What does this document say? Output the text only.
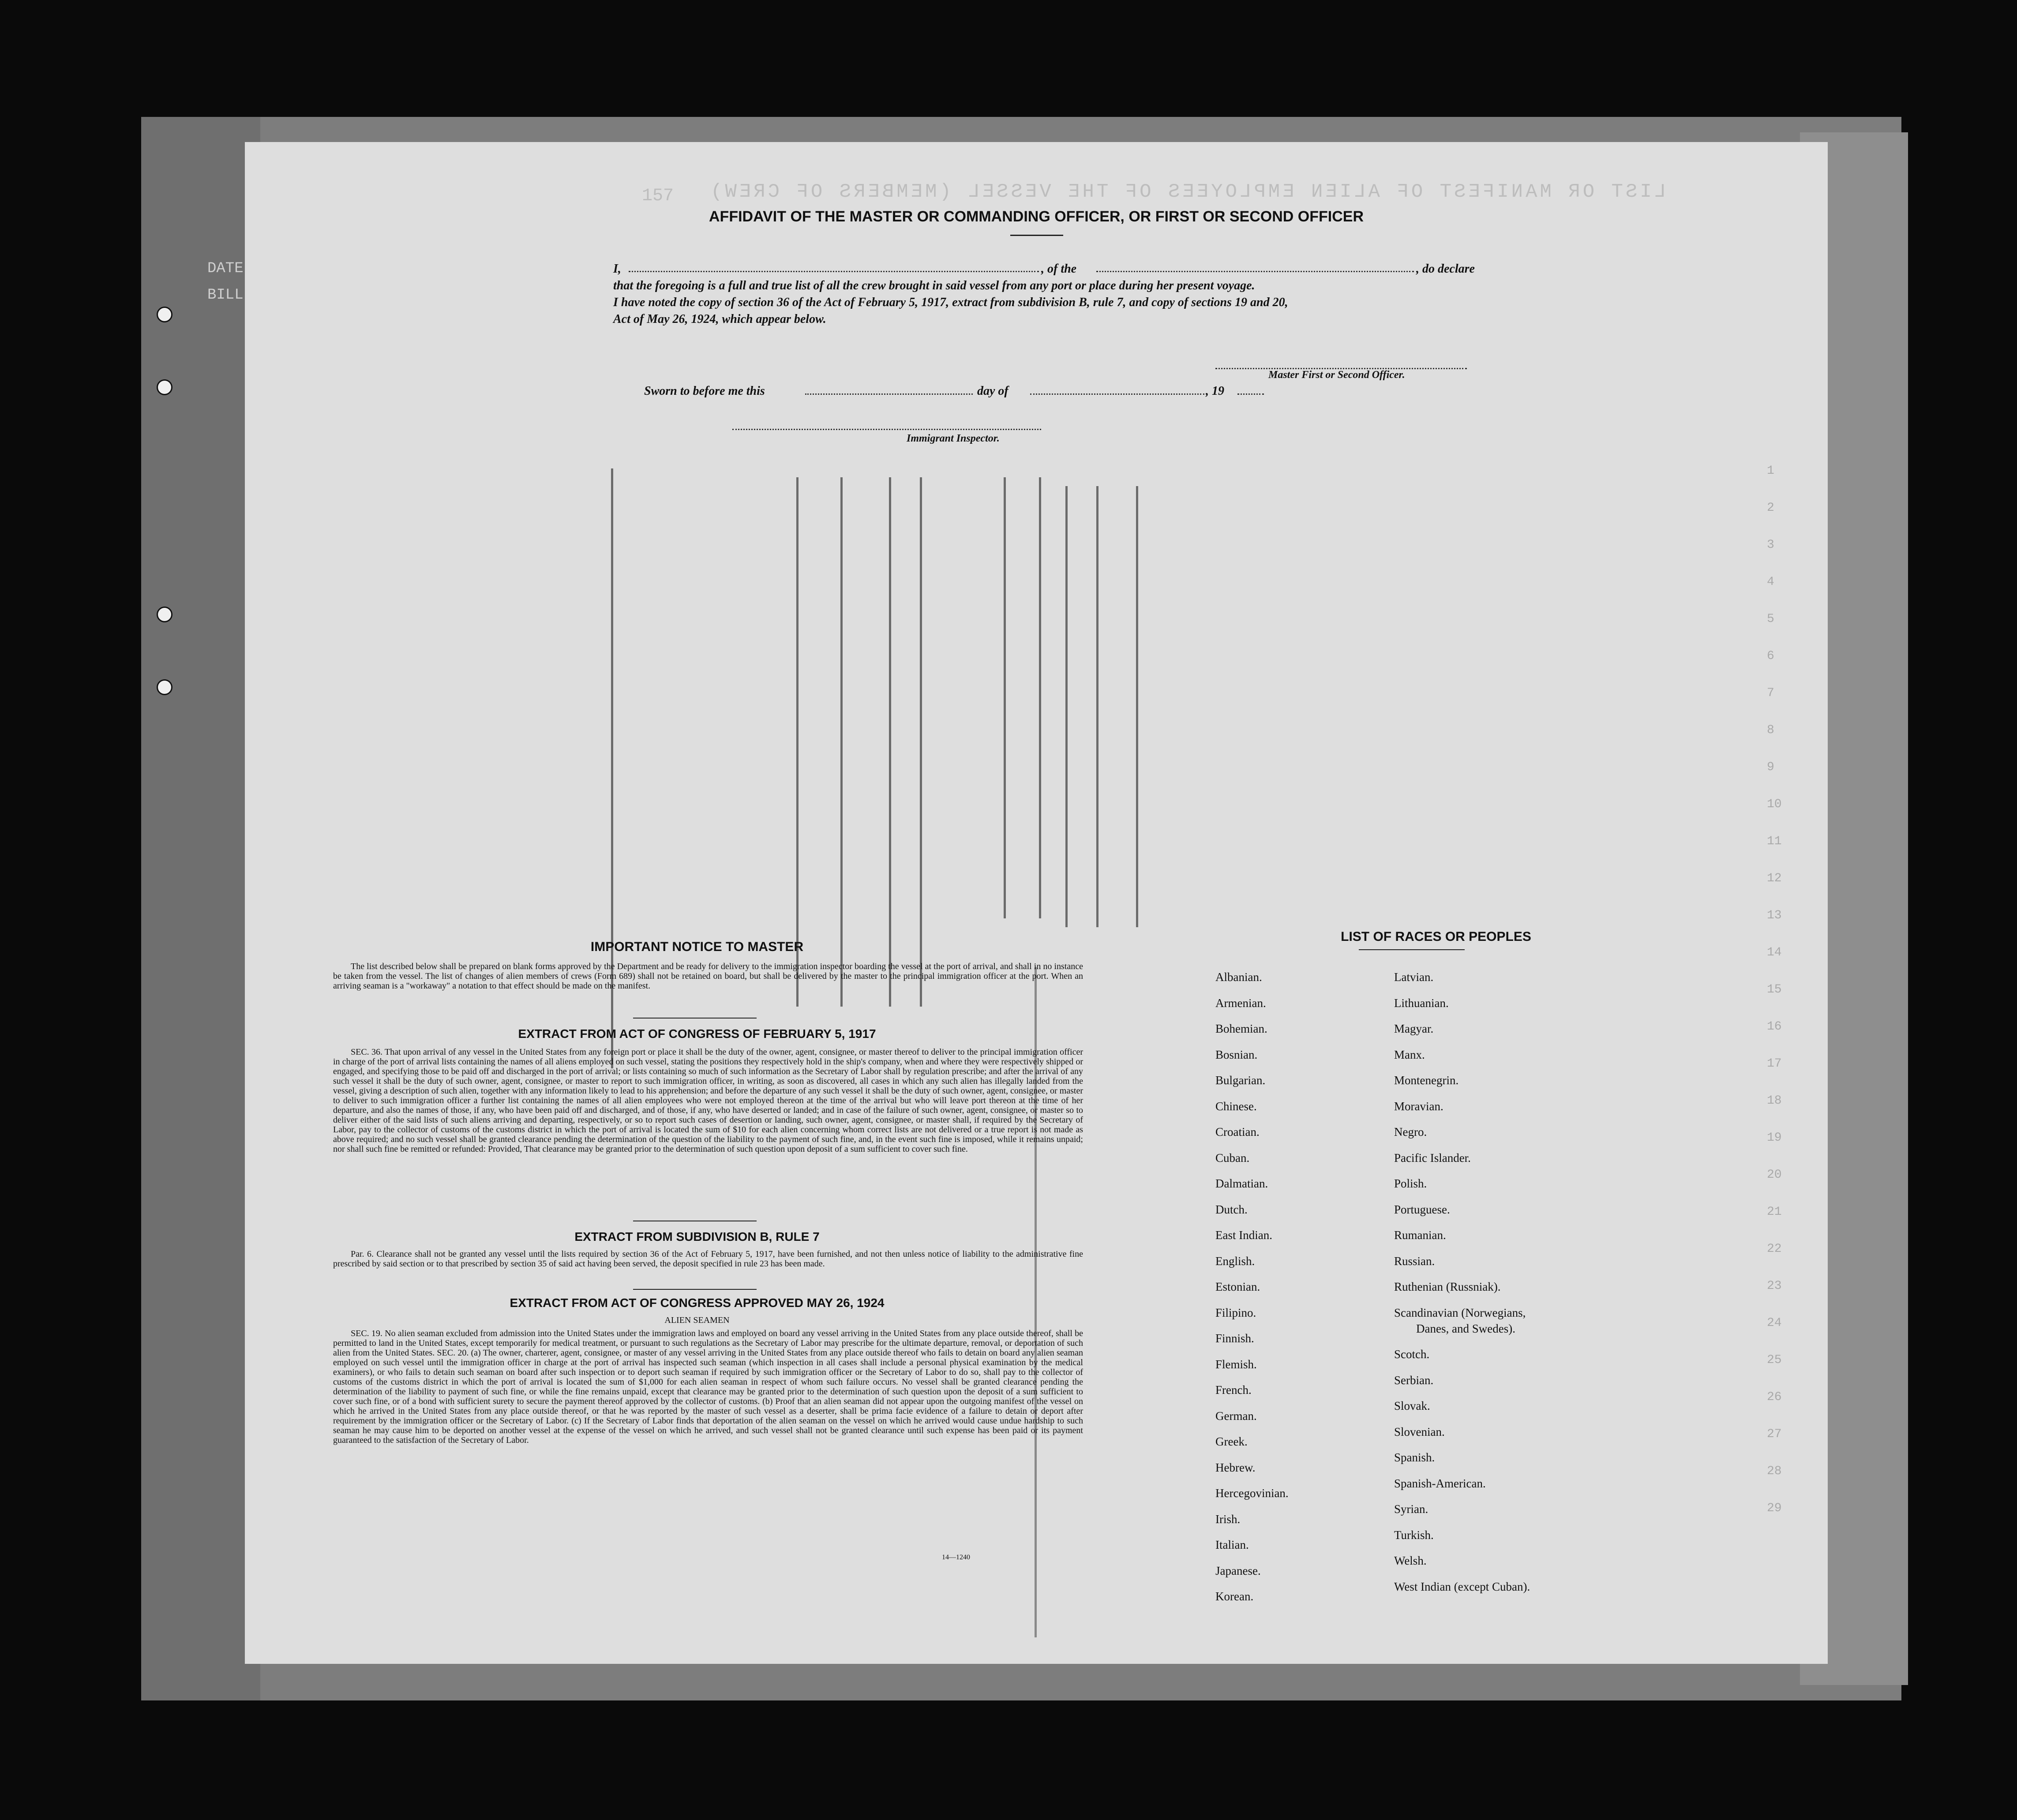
DATE
BILL
LIST OR MANIFEST OF ALIEN EMPLOYEES OF THE VESSEL (MEMBERS OF CREW)
157
AFFIDAVIT OF THE MASTER OR COMMANDING OFFICER, OR FIRST OR SECOND OFFICER
I,	, of the	, do declare
that the foregoing is a full and true list of all the crew brought in said vessel from any port or place during her present voyage.
I have noted the copy of section 36 of the Act of February 5, 1917, extract from subdivision B, rule 7, and copy of sections 19 and 20,
Act of May 26, 1924, which appear below.
Master First or Second Officer.
Sworn to before me this	day of	, 19
Immigrant Inspector.
IMPORTANT NOTICE TO MASTER
The list described below shall be prepared on blank forms approved by the Department and be ready for delivery to the immigration inspector boarding the vessel at the port of arrival, and shall in no instance be taken from the vessel. The list of changes of alien members of crews (Form 689) shall not be retained on board, but shall be delivered by the master to the principal immigration officer at the port. When an arriving seaman is a "workaway" a notation to that effect should be made on the manifest.
EXTRACT FROM ACT OF CONGRESS OF FEBRUARY 5, 1917
SEC. 36. That upon arrival of any vessel in the United States from any foreign port or place it shall be the duty of the owner, agent, consignee, or master thereof to deliver to the principal immigration officer in charge of the port of arrival lists containing the names of all aliens employed on such vessel, stating the positions they respectively hold in the ship's company, when and where they were respectively shipped or engaged, and specifying those to be paid off and discharged in the port of arrival; or lists containing so much of such information as the Secretary of Labor shall by regulation prescribe; and after the arrival of any such vessel it shall be the duty of such owner, agent, consignee, or master to report to such immigration officer, in writing, as soon as discovered, all cases in which any such alien has illegally landed from the vessel, giving a description of such alien, together with any information likely to lead to his apprehension; and before the departure of any such vessel it shall be the duty of such owner, agent, consignee, or master to deliver to such immigration officer a further list containing the names of all alien employees who were not employed thereon at the time of the arrival but who will leave port thereon at the time of her departure, and also the names of those, if any, who have been paid off and discharged, and of those, if any, who have deserted or landed; and in case of the failure of such owner, agent, consignee, or master so to deliver either of the said lists of such aliens arriving and departing, respectively, or so to report such cases of desertion or landing, such owner, agent, consignee, or master shall, if required by the Secretary of Labor, pay to the collector of customs of the customs district in which the port of arrival is located the sum of $10 for each alien concerning whom correct lists are not delivered or a true report is not made as above required; and no such vessel shall be granted clearance pending the determination of the question of the liability to the payment of such fine, and, in the event such fine is imposed, while it remains unpaid; nor shall such fine be remitted or refunded: Provided, That clearance may be granted prior to the determination of such question upon deposit of a sum sufficient to cover such fine.
EXTRACT FROM SUBDIVISION B, RULE 7
Par. 6. Clearance shall not be granted any vessel until the lists required by section 36 of the Act of February 5, 1917, have been furnished, and not then unless notice of liability to the administrative fine prescribed by said section or to that prescribed by section 35 of said act having been served, the deposit specified in rule 23 has been made.
EXTRACT FROM ACT OF CONGRESS APPROVED MAY 26, 1924
ALIEN SEAMEN
SEC. 19. No alien seaman excluded from admission into the United States under the immigration laws and employed on board any vessel arriving in the United States from any place outside thereof, shall be permitted to land in the United States, except temporarily for medical treatment, or pursuant to such regulations as the Secretary of Labor may prescribe for the ultimate departure, removal, or deportation of such alien from the United States. SEC. 20. (a) The owner, charterer, agent, consignee, or master of any vessel arriving in the United States from any place outside thereof who fails to detain on board any alien seaman employed on such vessel until the immigration officer in charge at the port of arrival has inspected such seaman (which inspection in all cases shall include a personal physical examination by the medical examiners), or who fails to detain such seaman on board after such inspection or to deport such seaman if required by such immigration officer or the Secretary of Labor to do so, shall pay to the collector of customs of the customs district in which the port of arrival is located the sum of $1,000 for each alien seaman in respect of whom such failure occurs. No vessel shall be granted clearance pending the determination of the liability to payment of such fine, or while the fine remains unpaid, except that clearance may be granted prior to the determination of such question upon the deposit of a sum sufficient to cover such fine, or of a bond with sufficient surety to secure the payment thereof approved by the collector of customs. (b) Proof that an alien seaman did not appear upon the outgoing manifest of the vessel on which he arrived in the United States from any place outside thereof, or that he was reported by the master of such vessel as a deserter, shall be prima facie evidence of a failure to detain or deport after requirement by the immigration officer or the Secretary of Labor. (c) If the Secretary of Labor finds that deportation of the alien seaman on the vessel on which he arrived would cause undue hardship to such seaman he may cause him to be deported on another vessel at the expense of the vessel on which he arrived, and such vessel shall not be granted clearance until such expense has been paid or its payment guaranteed to the satisfaction of the Secretary of Labor.
14—1240
LIST OF RACES OR PEOPLES
Albanian.
Armenian.
Bohemian.
Bosnian.
Bulgarian.
Chinese.
Croatian.
Cuban.
Dalmatian.
Dutch.
East Indian.
English.
Estonian.
Filipino.
Finnish.
Flemish.
French.
German.
Greek.
Hebrew.
Hercegovinian.
Irish.
Italian.
Japanese.
Korean.
Latvian.
Lithuanian.
Magyar.
Manx.
Montenegrin.
Moravian.
Negro.
Pacific Islander.
Polish.
Portuguese.
Rumanian.
Russian.
Ruthenian (Russniak).
Scandinavian (Norwegians,
Danes, and Swedes).
Scotch.
Serbian.
Slovak.
Slovenian.
Spanish.
Spanish-American.
Syrian.
Turkish.
Welsh.
West Indian (except Cuban).
1
2
3
4
5
6
7
8
9
10
11
12
13
14
15
16
17
18
19
20
21
22
23
24
25
26
27
28
29
